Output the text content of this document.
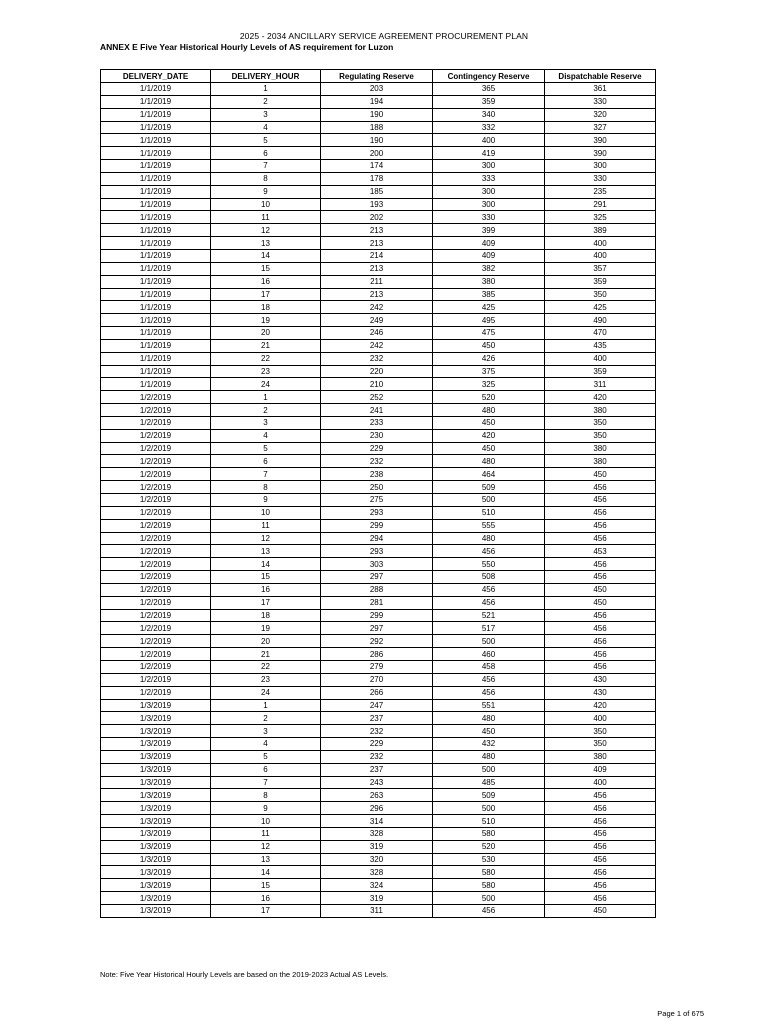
2025 - 2034 ANCILLARY SERVICE AGREEMENT PROCUREMENT PLAN
ANNEX E Five Year Historical Hourly Levels of AS requirement for Luzon
DELIVERY_DATE	DELIVERY_HOUR	Regulating Reserve	Contingency Reserve	Dispatchable Reserve
1/1/2019	1	203	365	361
1/1/2019	2	194	359	330
1/1/2019	3	190	340	320
1/1/2019	4	188	332	327
1/1/2019	5	190	400	390
1/1/2019	6	200	419	390
1/1/2019	7	174	300	300
1/1/2019	8	178	333	330
1/1/2019	9	185	300	235
1/1/2019	10	193	300	291
1/1/2019	11	202	330	325
1/1/2019	12	213	399	389
1/1/2019	13	213	409	400
1/1/2019	14	214	409	400
1/1/2019	15	213	382	357
1/1/2019	16	211	380	359
1/1/2019	17	213	385	350
1/1/2019	18	242	425	425
1/1/2019	19	249	495	490
1/1/2019	20	246	475	470
1/1/2019	21	242	450	435
1/1/2019	22	232	426	400
1/1/2019	23	220	375	359
1/1/2019	24	210	325	311
1/2/2019	1	252	520	420
1/2/2019	2	241	480	380
1/2/2019	3	233	450	350
1/2/2019	4	230	420	350
1/2/2019	5	229	450	380
1/2/2019	6	232	480	380
1/2/2019	7	238	464	450
1/2/2019	8	250	509	456
1/2/2019	9	275	500	456
1/2/2019	10	293	510	456
1/2/2019	11	299	555	456
1/2/2019	12	294	480	456
1/2/2019	13	293	456	453
1/2/2019	14	303	550	456
1/2/2019	15	297	508	456
1/2/2019	16	288	456	450
1/2/2019	17	281	456	450
1/2/2019	18	299	521	456
1/2/2019	19	297	517	456
1/2/2019	20	292	500	456
1/2/2019	21	286	460	456
1/2/2019	22	279	458	456
1/2/2019	23	270	456	430
1/2/2019	24	266	456	430
1/3/2019	1	247	551	420
1/3/2019	2	237	480	400
1/3/2019	3	232	450	350
1/3/2019	4	229	432	350
1/3/2019	5	232	480	380
1/3/2019	6	237	500	409
1/3/2019	7	243	485	400
1/3/2019	8	263	509	456
1/3/2019	9	296	500	456
1/3/2019	10	314	510	456
1/3/2019	11	328	580	456
1/3/2019	12	319	520	456
1/3/2019	13	320	530	456
1/3/2019	14	328	580	456
1/3/2019	15	324	580	456
1/3/2019	16	319	500	456
1/3/2019	17	311	456	450
Note: Five Year Historical Hourly Levels are based on the 2019-2023 Actual AS Levels.
Page 1 of 675
